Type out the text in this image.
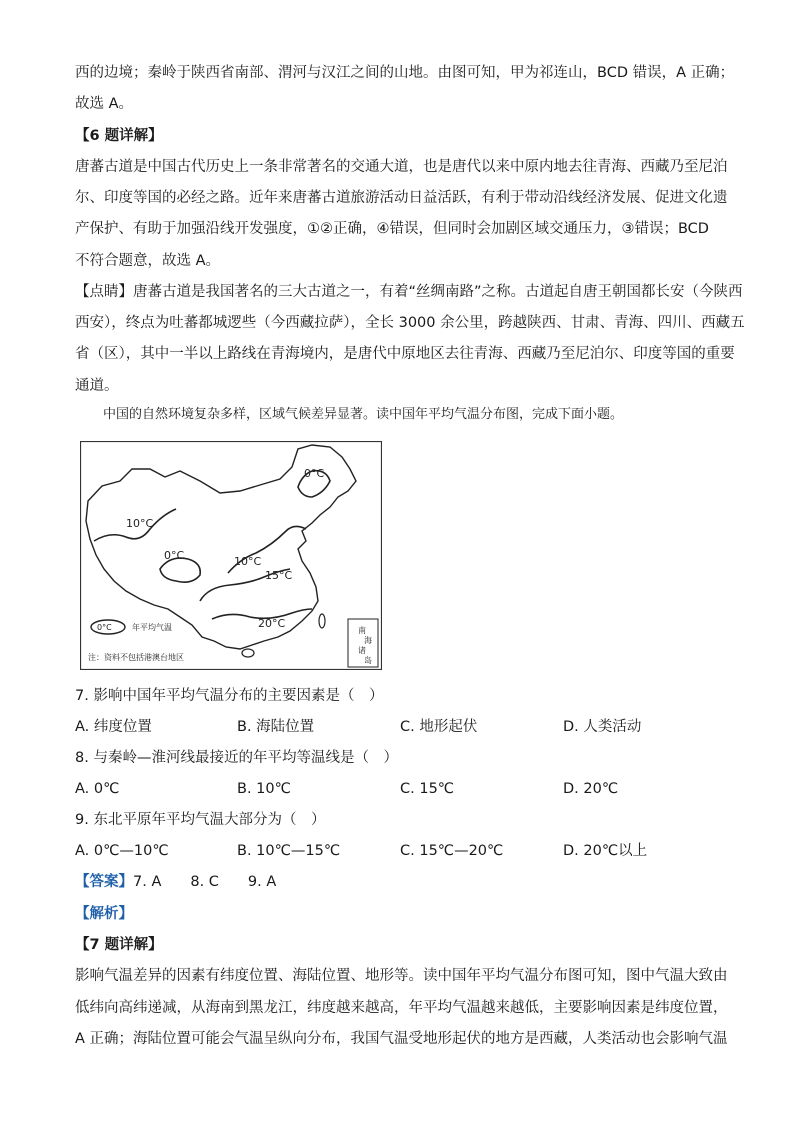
西的边境；秦岭于陕西省南部、渭河与汉江之间的山地。由图可知，甲为祁连山，BCD 错误，A 正确；
故选 A。
【6 题详解】
唐蕃古道是中国古代历史上一条非常著名的交通大道，也是唐代以来中原内地去往青海、西藏乃至尼泊
尔、印度等国的必经之路。近年来唐蕃古道旅游活动日益活跃，有利于带动沿线经济发展、促进文化遗
产保护、有助于加强沿线开发强度，①②正确，④错误，但同时会加剧区域交通压力，③错误；BCD
不符合题意，故选 A。
【点睛】唐蕃古道是我国著名的三大古道之一，有着“丝绸南路”之称。古道起自唐王朝国都长安（今陕西
西安），终点为吐蕃都城逻些（今西藏拉萨），全长 3000 余公里，跨越陕西、甘肃、青海、四川、西藏五
省（区），其中一半以上路线在青海境内，是唐代中原地区去往青海、西藏乃至尼泊尔、印度等国的重要
通道。
中国的自然环境复杂多样，区域气候差异显著。读中国年平均气温分布图，完成下面小题。
0°C
10°C
0°C	10°C
15°C
20°C
0°C	年平均气温
注：资料不包括港澳台地区
南
海
诸
岛
7. 影响中国年平均气温分布的主要因素是（　）
A. 纬度位置	B. 海陆位置	C. 地形起伏	D. 人类活动
8. 与秦岭—淮河线最接近的年平均等温线是（　）
A. 0℃	B. 10℃	C. 15℃	D. 20℃
9. 东北平原年平均气温大部分为（　）
A. 0℃—10℃	B. 10℃—15℃	C. 15℃—20℃	D. 20℃以上
【答案】7. A　　8. C　　9. A
【解析】
【7 题详解】
影响气温差异的因素有纬度位置、海陆位置、地形等。读中国年平均气温分布图可知，图中气温大致由
低纬向高纬递减，从海南到黑龙江，纬度越来越高，年平均气温越来越低，主要影响因素是纬度位置，
A 正确；海陆位置可能会气温呈纵向分布，我国气温受地形起伏的地方是西藏，人类活动也会影响气温
